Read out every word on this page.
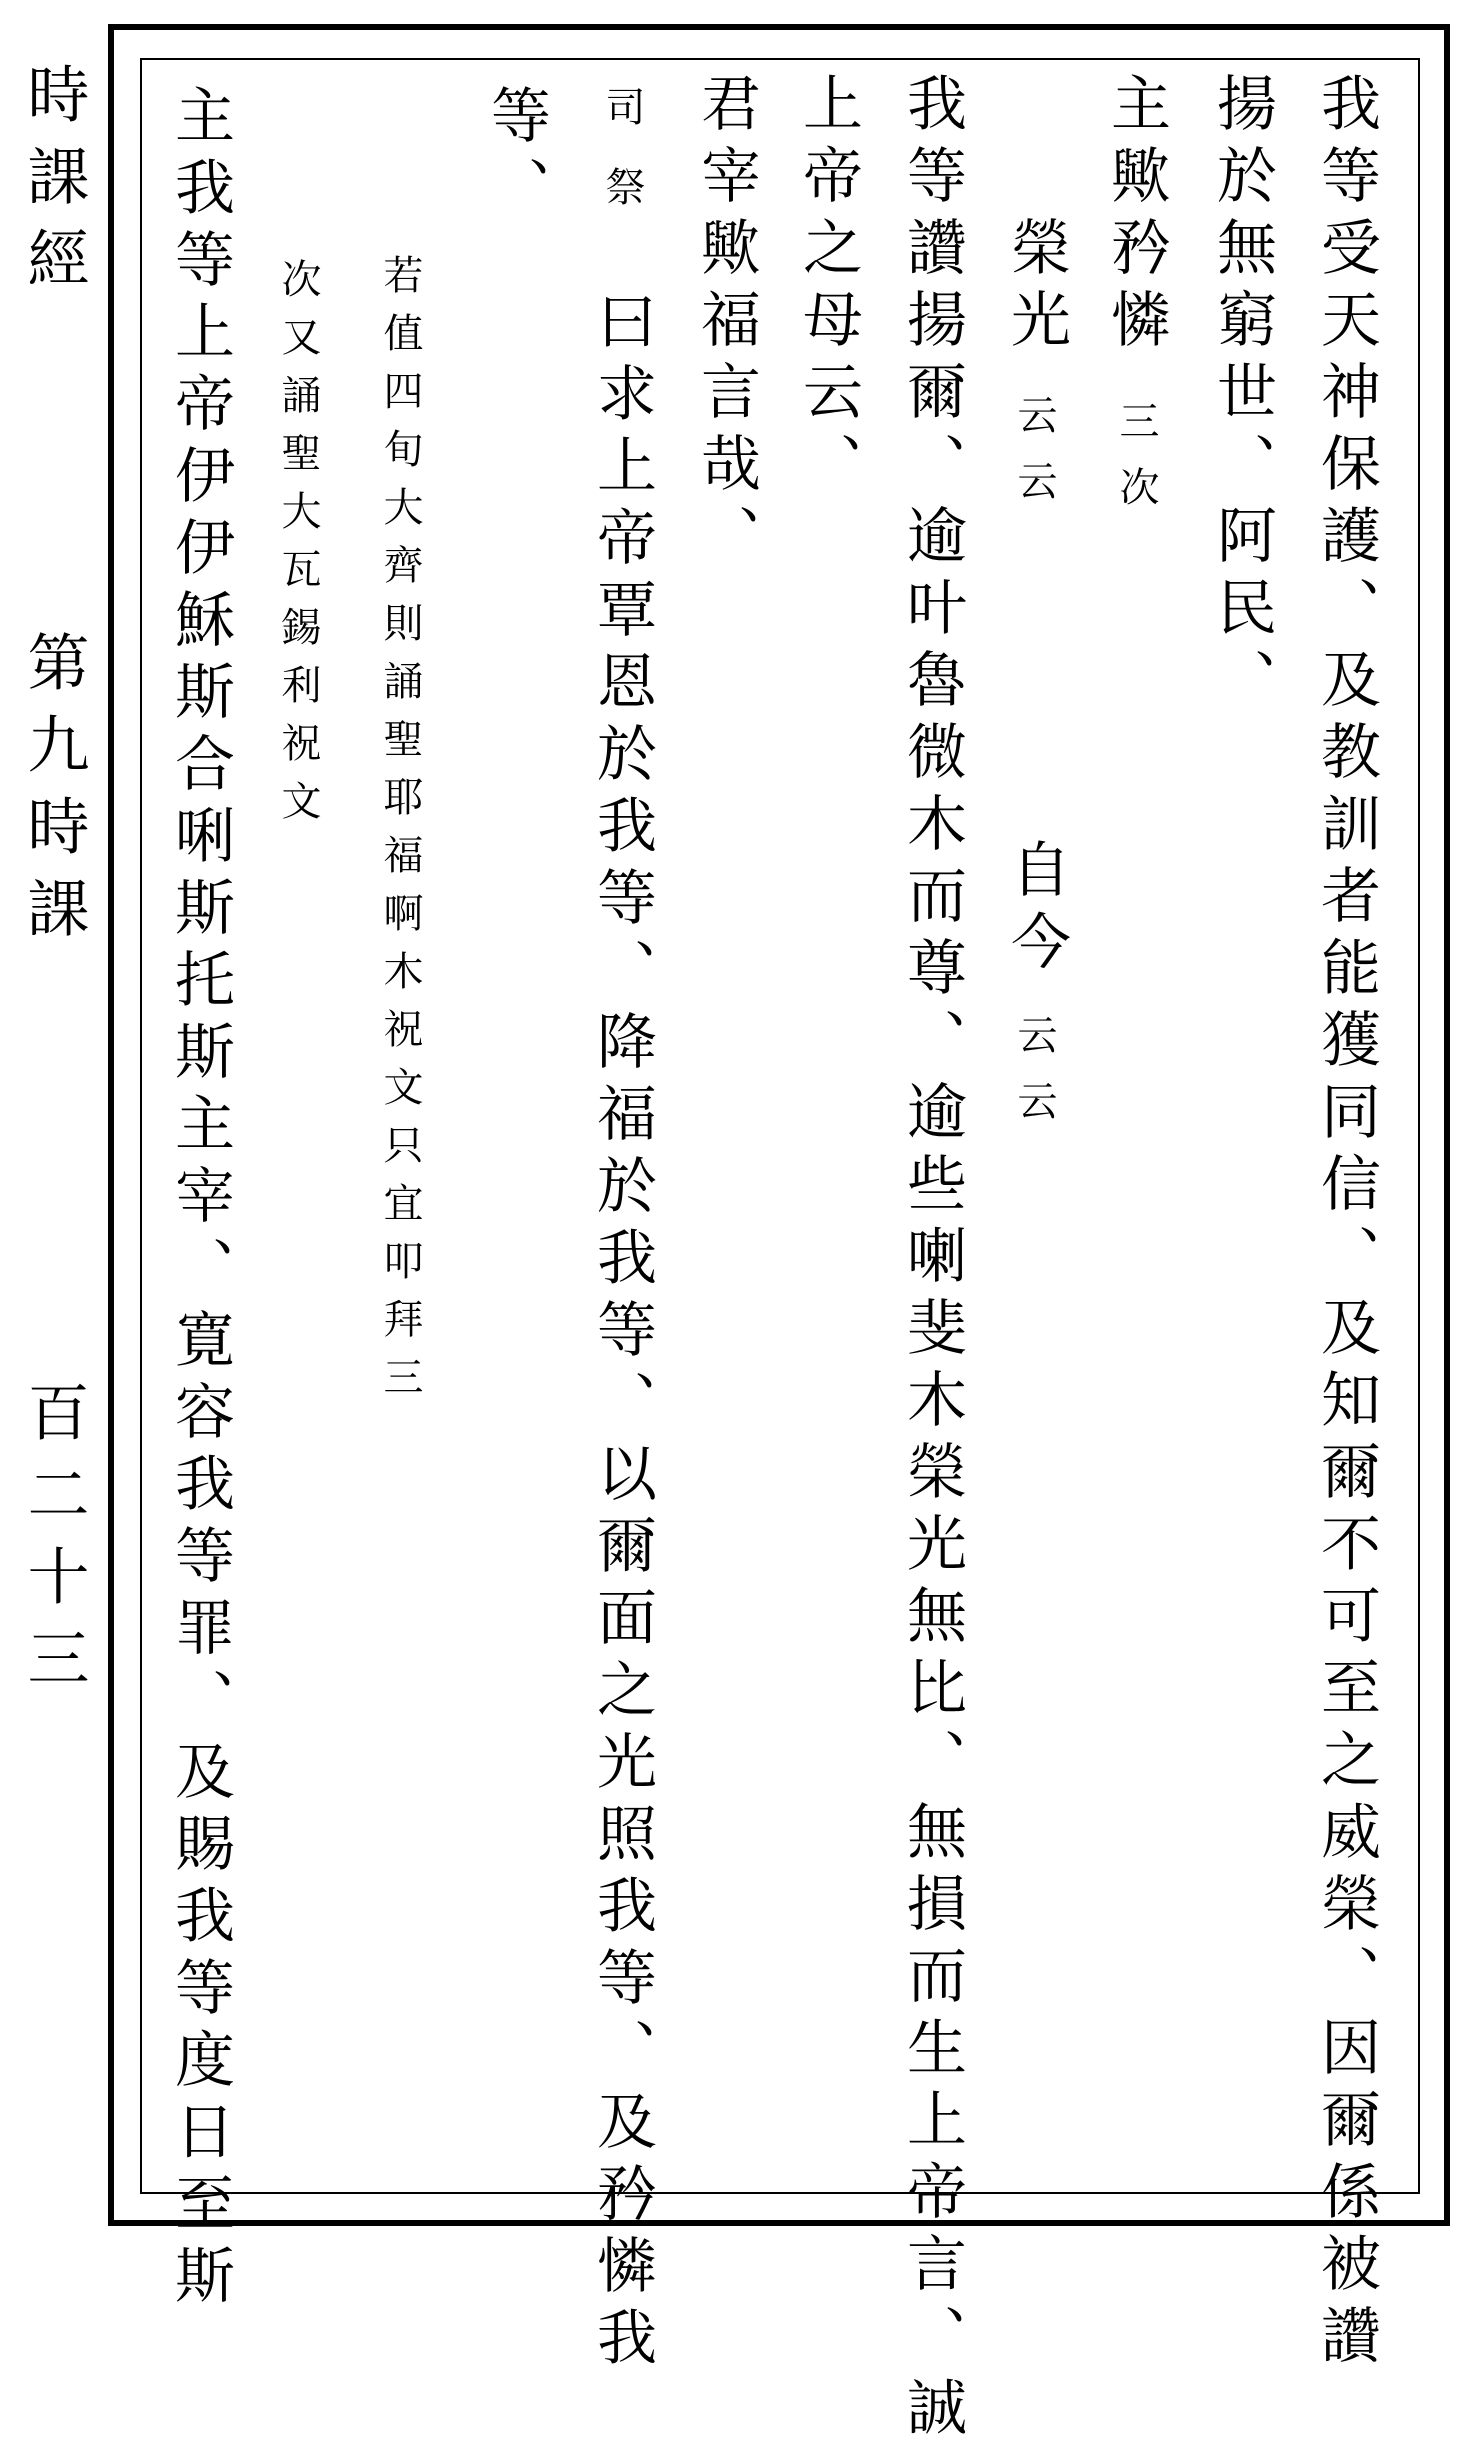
時課經
第九時課
百二十三	我等受天神保護、及教訓者能獲同信、及知爾不可至之威榮、因爾係被讚
揚於無窮世、阿民、
主歟矜憐
三次
榮光
云云
自今
云云
我等讚揚爾、逾叶魯微木而尊、逾些喇斐木榮光無比、無損而生上帝言、誠
上帝之母云、
君宰歟福言哉、
司祭
曰求上帝覃恩於我等、降福於我等、以爾面之光照我等、及矜憐我
等、
若值四旬大齊則誦聖耶福啊木祝文只宜叩拜三
次又誦聖大瓦錫利祝文
主我等上帝伊伊穌斯合唎斯托斯主宰、寛容我等罪、及賜我等度日至斯
